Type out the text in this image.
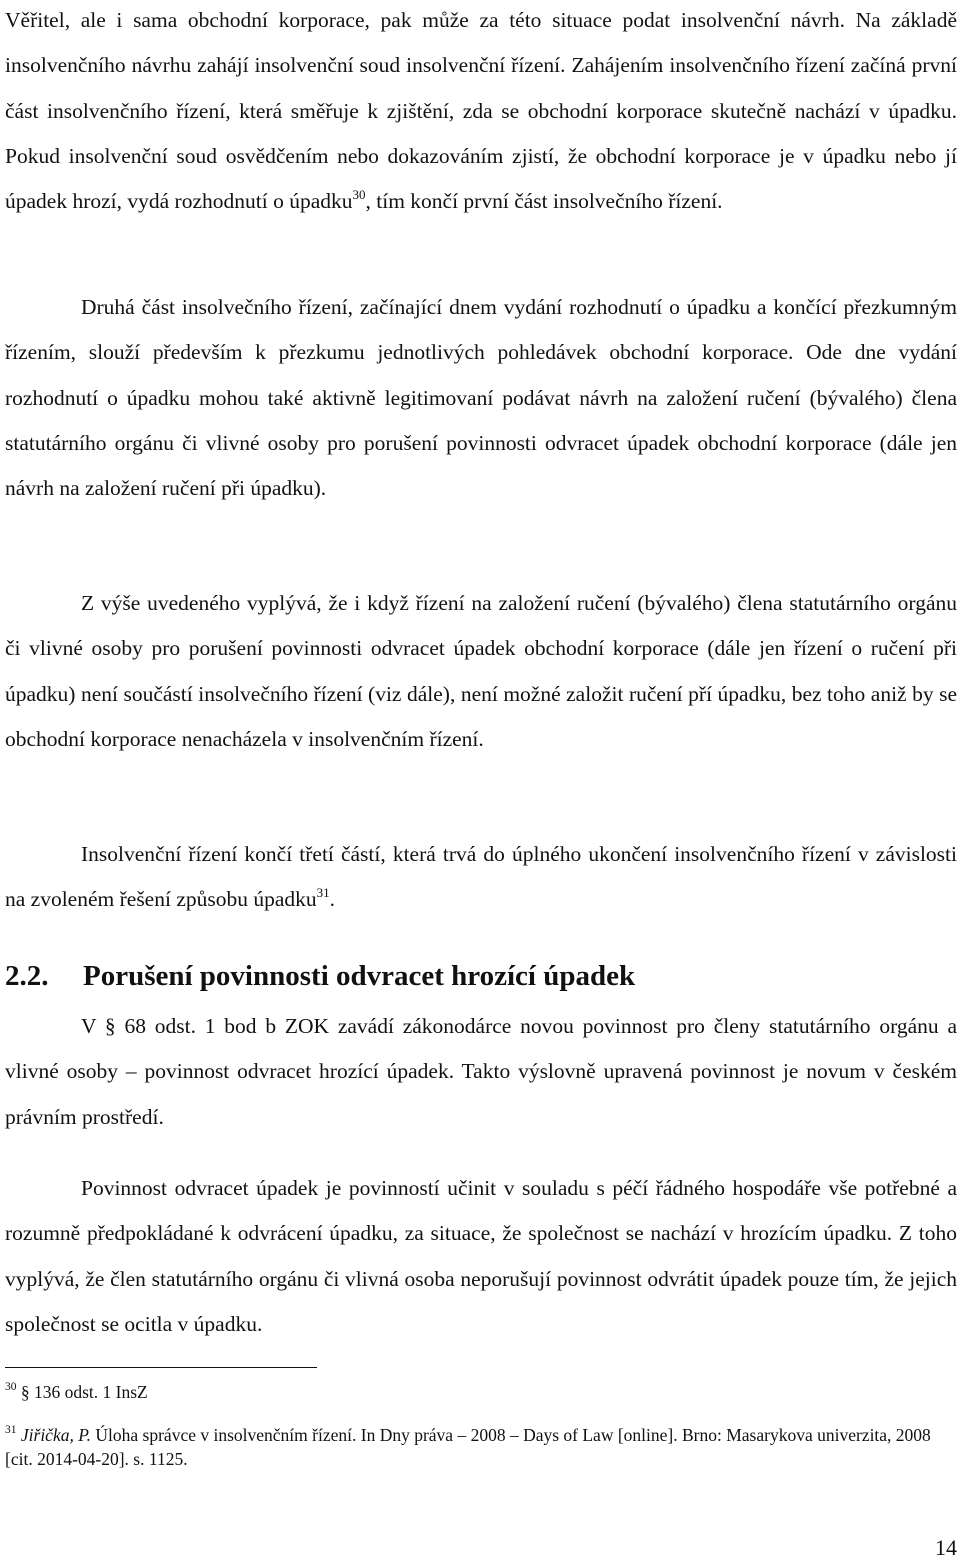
Věřitel, ale i sama obchodní korporace, pak může za této situace podat insolvenční návrh. Na základě insolvenčního návrhu zahájí insolvenční soud insolvenční řízení. Zahájením insolvenčního řízení začíná první část insolvenčního řízení, která směřuje k zjištění, zda se obchodní korporace skutečně nachází v úpadku. Pokud insolvenční soud osvědčením nebo dokazováním zjistí, že obchodní korporace je v úpadku nebo jí úpadek hrozí, vydá rozhodnutí o úpadku$^{30}$, tím končí první část insolvečního řízení.

Druhá část insolvečního řízení, začínající dnem vydání rozhodnutí o úpadku a končící přezkumným řízením, slouží především k přezkumu jednotlivých pohledávek obchodní korporace. Ode dne vydání rozhodnutí o úpadku mohou také aktivně legitimovaní podávat návrh na založení ručení (bývalého) člena statutárního orgánu či vlivné osoby pro porušení povinnosti odvracet úpadek obchodní korporace (dále jen návrh na založení ručení při úpadku).

Z výše uvedeného vyplývá, že i když řízení na založení ručení (bývalého) člena statutárního orgánu či vlivné osoby pro porušení povinnosti odvracet úpadek obchodní korporace (dále jen řízení o ručení při úpadku) není součástí insolvečního řízení (viz dále), není možné založit ručení pří úpadku, bez toho aniž by se obchodní korporace nenacházela v insolvenčním řízení.

Insolvenční řízení končí třetí částí, která trvá do úplného ukončení insolvenčního řízení v závislosti na zvoleném řešení způsobu úpadku$^{31}$.

2.2. Porušení povinnosti odvracet hrozící úpadek

V § 68 odst. 1 bod b ZOK zavádí zákonodárce novou povinnost pro členy statutárního orgánu a vlivné osoby – povinnost odvracet hrozící úpadek. Takto výslovně upravená povinnost je novum v českém právním prostředí.

Povinnost odvracet úpadek je povinností učinit v souladu s péčí řádného hospodáře vše potřebné a rozumně předpokládané k odvrácení úpadku, za situace, že společnost se nachází v hrozícím úpadku. Z toho vyplývá, že člen statutárního orgánu či vlivná osoba neporušují povinnost odvrátit úpadek pouze tím, že jejich společnost se ocitla v úpadku.

$^{30}$ § 136 odst. 1 InsZ

$^{31}$ Jiřička, P. Úloha správce v insolvenčním řízení. In Dny práva – 2008 – Days of Law [online]. Brno: Masarykova univerzita, 2008 [cit. 2014-04-20]. s. 1125.

14
